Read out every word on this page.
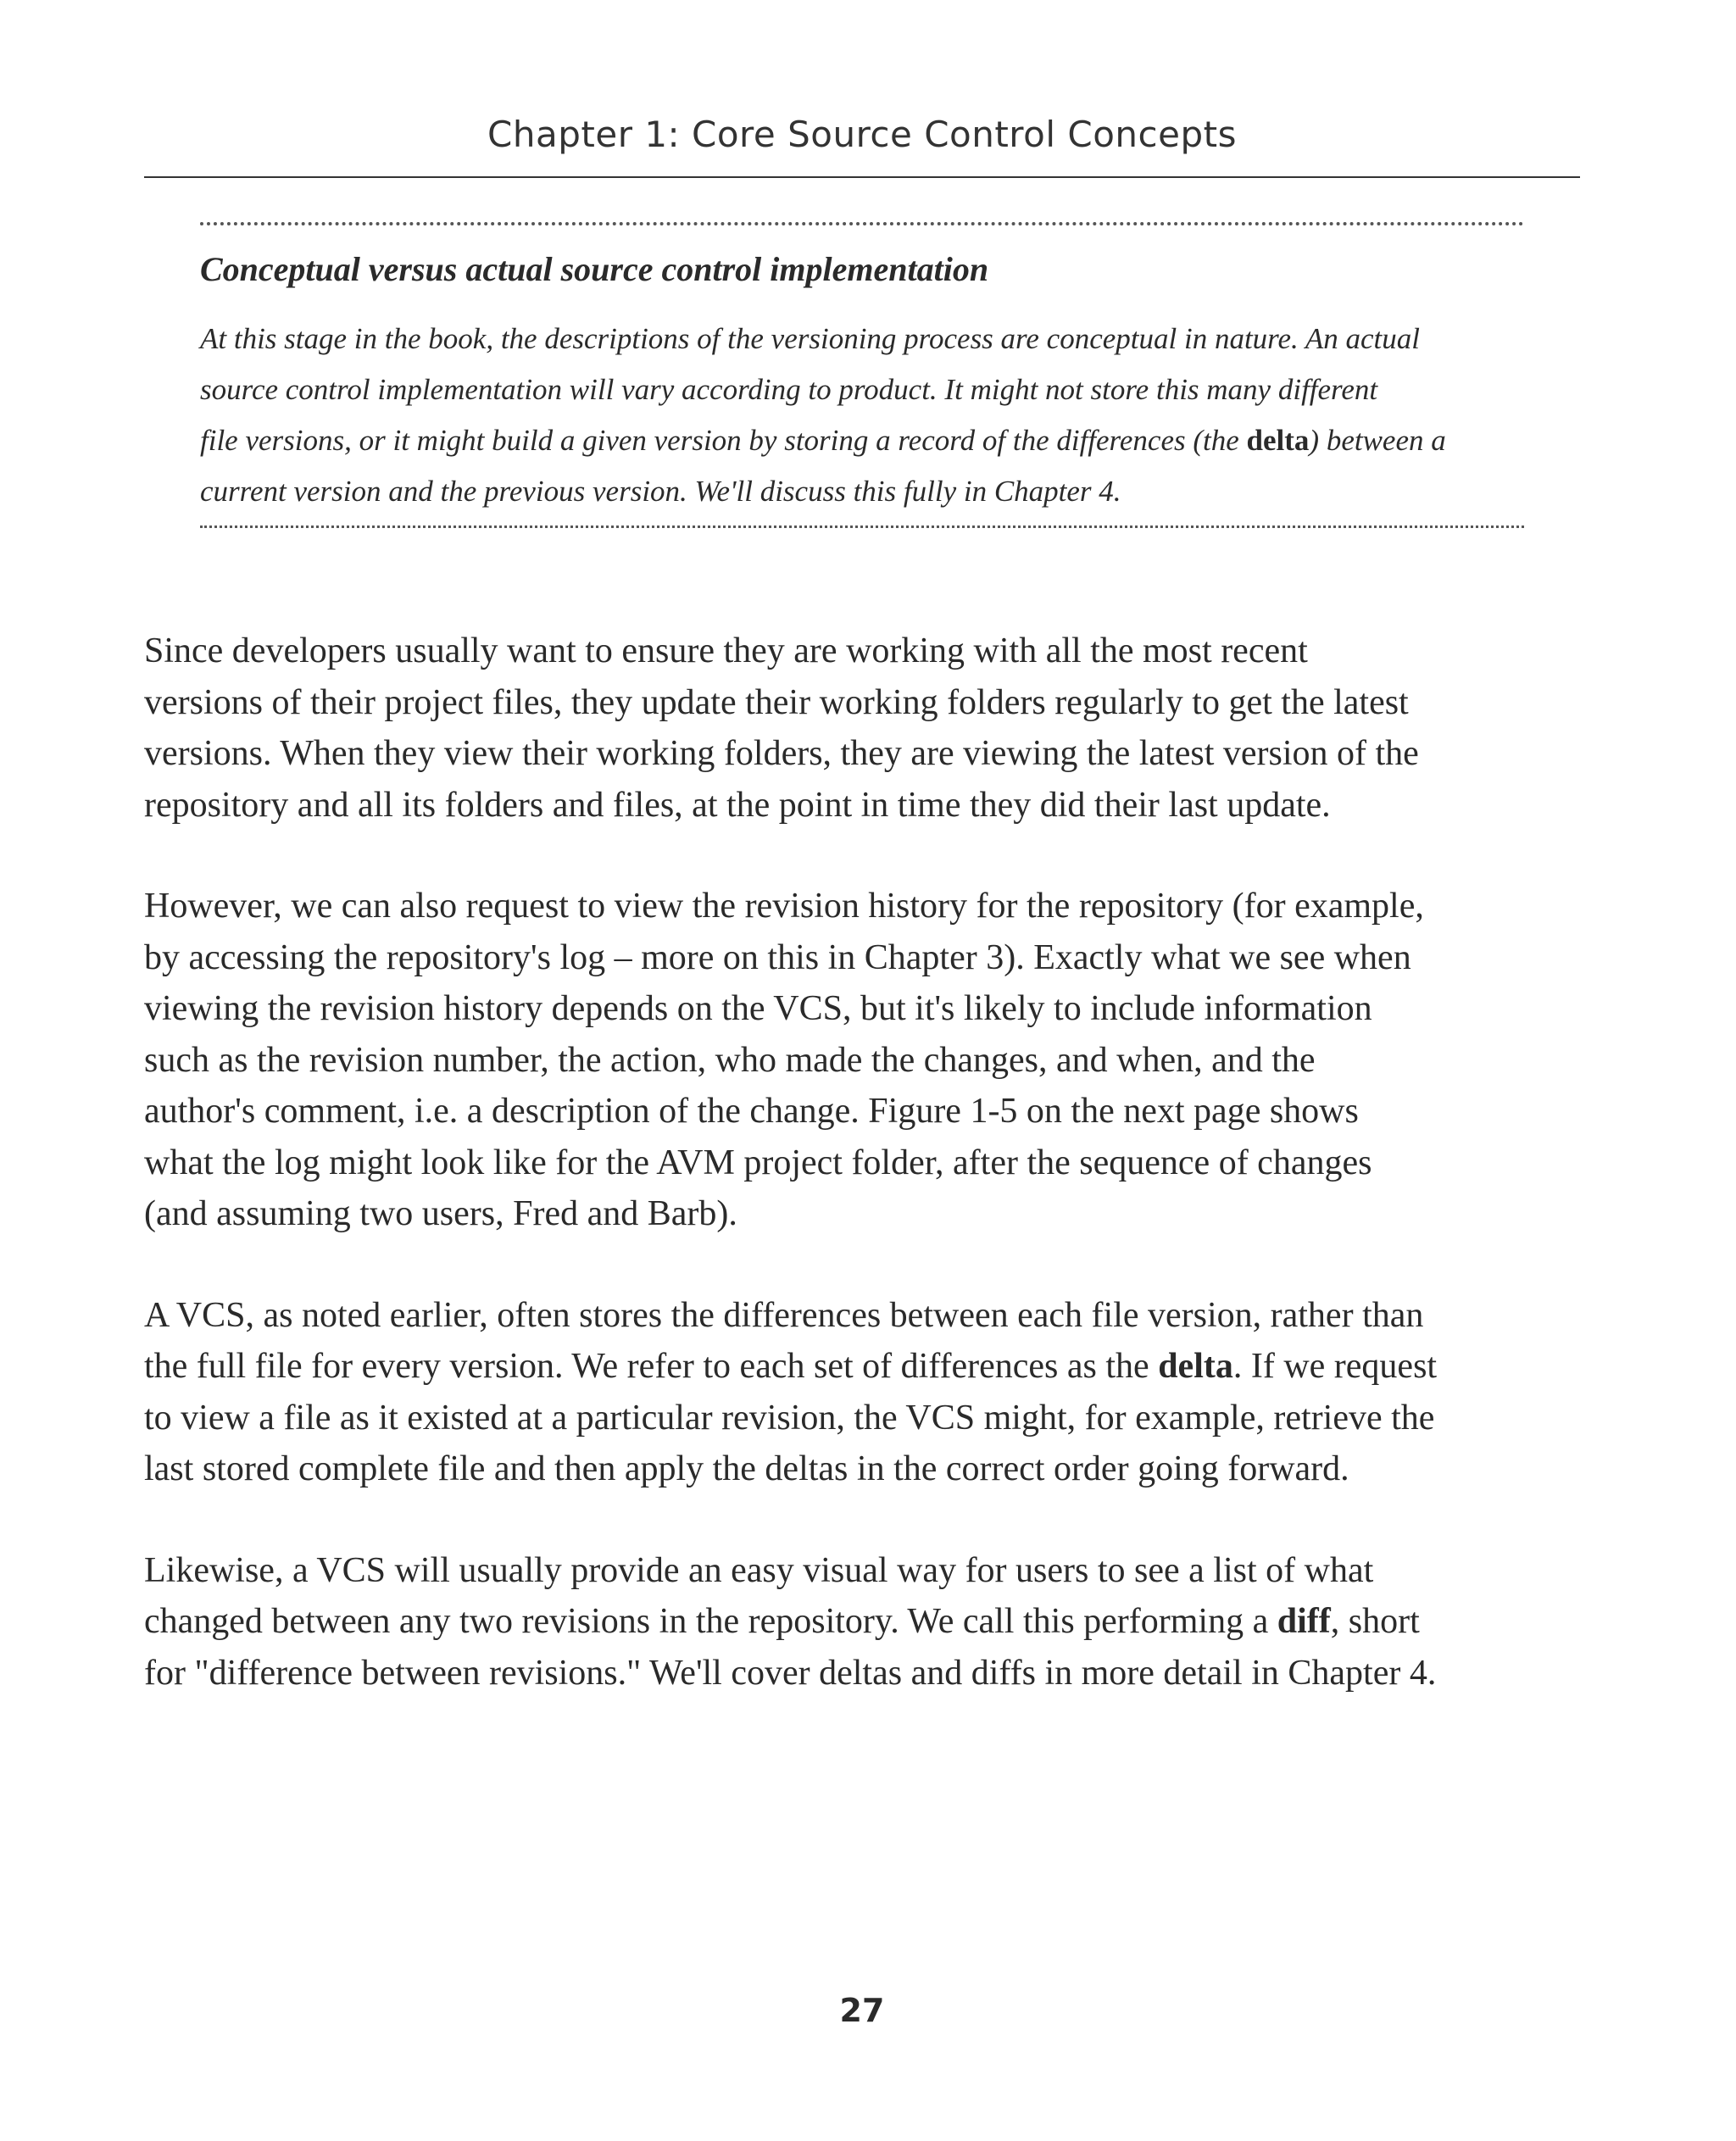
Chapter 1: Core Source Control Concepts
Conceptual versus actual source control implementation
At this stage in the book, the descriptions of the versioning process are conceptual in nature. An actual
source control implementation will vary according to product. It might not store this many different
file versions, or it might build a given version by storing a record of the differences (the delta) between a
current version and the previous version. We'll discuss this fully in Chapter 4.

Since developers usually want to ensure they are working with all the most recent
versions of their project files, they update their working folders regularly to get the latest
versions. When they view their working folders, they are viewing the latest version of the
repository and all its folders and files, at the point in time they did their last update.

However, we can also request to view the revision history for the repository (for example,
by accessing the repository's log – more on this in Chapter 3). Exactly what we see when
viewing the revision history depends on the VCS, but it's likely to include information
such as the revision number, the action, who made the changes, and when, and the
author's comment, i.e. a description of the change. Figure 1-5 on the next page shows
what the log might look like for the AVM project folder, after the sequence of changes
(and assuming two users, Fred and Barb).

A VCS, as noted earlier, often stores the differences between each file version, rather than
the full file for every version. We refer to each set of differences as the delta. If we request
to view a file as it existed at a particular revision, the VCS might, for example, retrieve the
last stored complete file and then apply the deltas in the correct order going forward.

Likewise, a VCS will usually provide an easy visual way for users to see a list of what
changed between any two revisions in the repository. We call this performing a diff, short
for "difference between revisions." We'll cover deltas and diffs in more detail in Chapter 4.

27
